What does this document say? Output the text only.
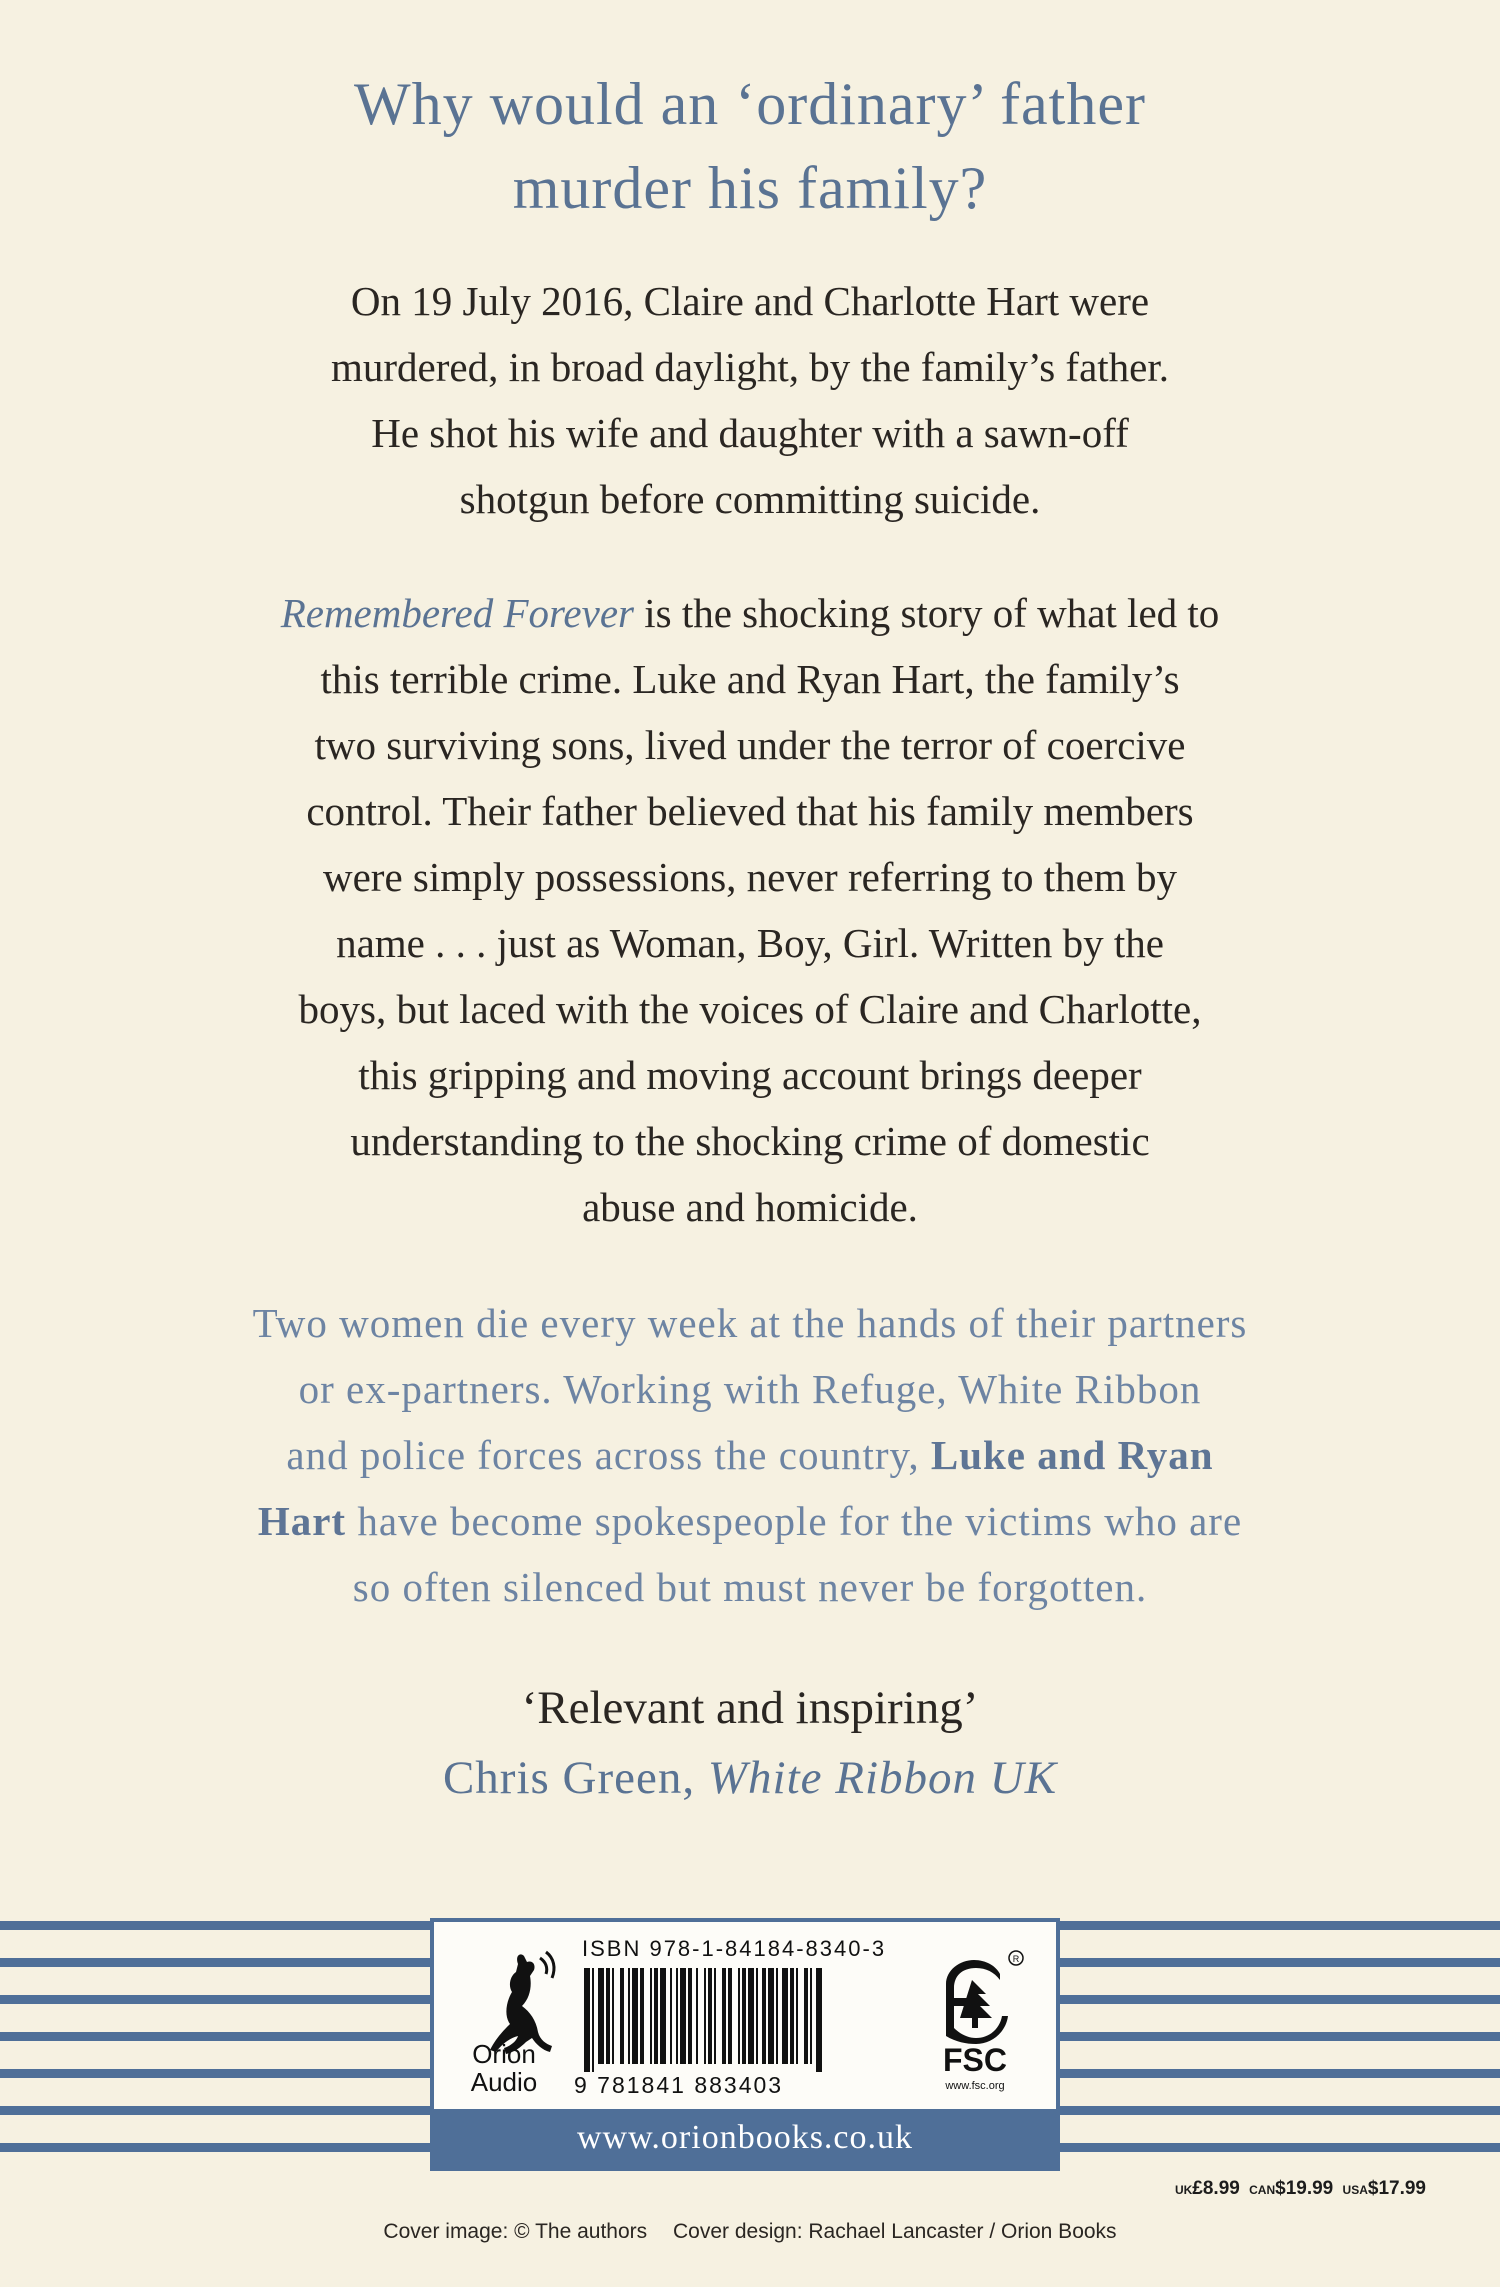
Why would an ‘ordinary’ father
murder his family?
On 19 July 2016, Claire and Charlotte Hart were
murdered, in broad daylight, by the family’s father.
He shot his wife and daughter with a sawn-off
shotgun before committing suicide.
Remembered Forever is the shocking story of what led to
this terrible crime. Luke and Ryan Hart, the family’s
two surviving sons, lived under the terror of coercive
control. Their father believed that his family members
were simply possessions, never referring to them by
name . . . just as Woman, Boy, Girl. Written by the
boys, but laced with the voices of Claire and Charlotte,
this gripping and moving account brings deeper
understanding to the shocking crime of domestic
abuse and homicide.
Two women die every week at the hands of their partners
or ex-partners. Working with Refuge, White Ribbon
and police forces across the country, Luke and Ryan
Hart have become spokespeople for the victims who are
so often silenced but must never be forgotten.
‘Relevant and inspiring’
Chris Green, White Ribbon UK
Orion
Audio
ISBN 978-1-84184-8340-3
9 781841 883403
R
FSC
www.fsc.org
www.orionbooks.co.uk
UK£8.99 CAN$19.99 USA$17.99
Cover image: © The authors Cover design: Rachael Lancaster / Orion Books
